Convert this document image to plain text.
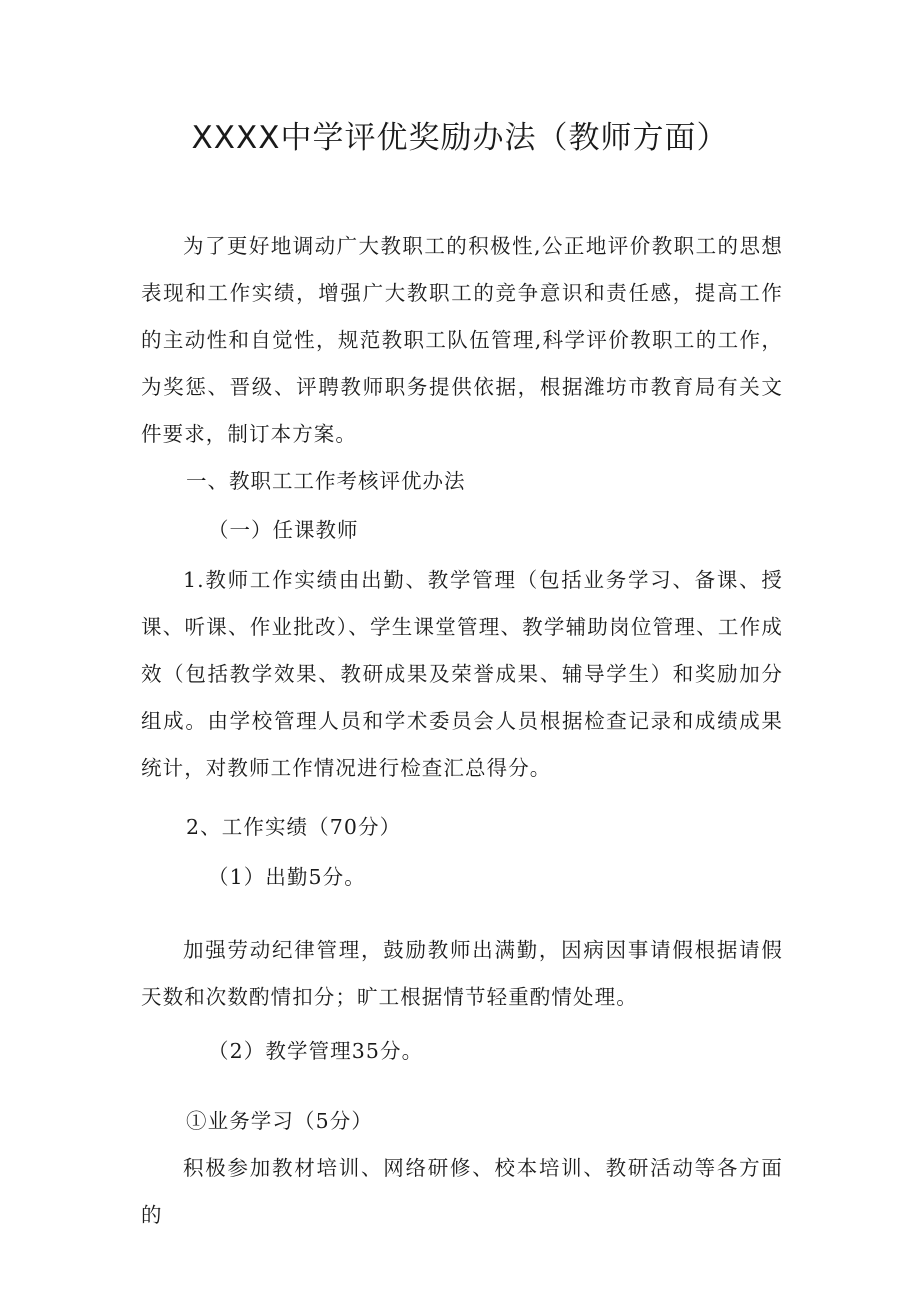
XXXX中学评优奖励办法（教师方面）

为了更好地调动广大教职工的积极性,公正地评价教职工的思想表现和工作实绩，增强广大教职工的竞争意识和责任感，提高工作的主动性和自觉性，规范教职工队伍管理,科学评价教职工的工作，为奖惩、晋级、评聘教师职务提供依据，根据潍坊市教育局有关文件要求，制订本方案。

一、教职工工作考核评优办法
（一）任课教师

1.教师工作实绩由出勤、教学管理（包括业务学习、备课、授课、听课、作业批改）、学生课堂管理、教学辅助岗位管理、工作成效（包括教学效果、教研成果及荣誉成果、辅导学生）和奖励加分组成。由学校管理人员和学术委员会人员根据检查记录和成绩成果统计，对教师工作情况进行检查汇总得分。

2、工作实绩（70分）

（1）出勤5分。

加强劳动纪律管理，鼓励教师出满勤，因病因事请假根据请假天数和次数酌情扣分；旷工根据情节轻重酌情处理。

（2）教学管理35分。

①业务学习（5分）

积极参加教材培训、网络研修、校本培训、教研活动等各方面的
